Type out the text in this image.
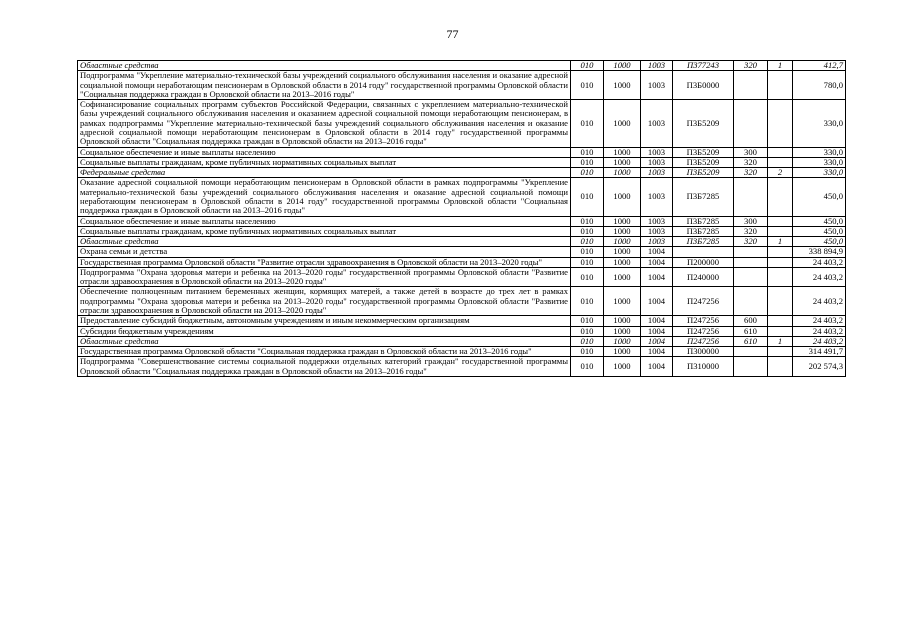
77
Областные средства	010	1000	1003	П377243	320	1	412,7
Подпрограмма "Укрепление материально-технической базы учреждений социального обслуживания населения и оказание адресной социальной помощи неработающим пенсионерам в Орловской области в 2014 году" государственной программы Орловской области "Социальная поддержка граждан в Орловской области на 2013–2016 годы"	010	1000	1003	П3Б0000			780,0
Софинансирование социальных программ субъектов Российской Федерации, связанных с укреплением материально-технической базы учреждений социального обслуживания населения и оказанием адресной социальной помощи неработающим пенсионерам, в рамках подпрограммы "Укрепление материально-технической базы учреждений социального обслуживания населения и оказание адресной социальной помощи неработающим пенсионерам в Орловской области в 2014 году" государственной программы Орловской области "Социальная поддержка граждан в Орловской области на 2013–2016 годы"	010	1000	1003	П3Б5209			330,0
Социальное обеспечение и иные выплаты населению	010	1000	1003	П3Б5209	300		330,0
Социальные выплаты гражданам, кроме публичных нормативных социальных выплат	010	1000	1003	П3Б5209	320		330,0
Федеральные средства	010	1000	1003	П3Б5209	320	2	330,0
Оказание адресной социальной помощи неработающим пенсионерам в Орловской области в рамках подпрограммы "Укрепление материально-технической базы учреждений социального обслуживания населения и оказание адресной социальной помощи неработающим пенсионерам в Орловской области в 2014 году" государственной программы Орловской области "Социальная поддержка граждан в Орловской области на 2013–2016 годы"	010	1000	1003	П3Б7285			450,0
Социальное обеспечение и иные выплаты населению	010	1000	1003	П3Б7285	300		450,0
Социальные выплаты гражданам, кроме публичных нормативных социальных выплат	010	1000	1003	П3Б7285	320		450,0
Областные средства	010	1000	1003	П3Б7285	320	1	450,0
Охрана семьи и детства	010	1000	1004				338 894,9
Государственная программа Орловской области "Развитие отрасли здравоохранения в Орловской области на 2013–2020 годы"	010	1000	1004	П200000			24 403,2
Подпрограмма "Охрана здоровья матери и ребенка на 2013–2020 годы" государственной программы Орловской области "Развитие отрасли здравоохранения в Орловской области на 2013–2020 годы"	010	1000	1004	П240000			24 403,2
Обеспечение полноценным питанием беременных женщин, кормящих матерей, а также детей в возрасте до трех лет в рамках подпрограммы "Охрана здоровья матери и ребенка на 2013–2020 годы" государственной программы Орловской области "Развитие отрасли здравоохранения в Орловской области на 2013–2020 годы"	010	1000	1004	П247256			24 403,2
Предоставление субсидий бюджетным, автономным учреждениям и иным некоммерческим организациям	010	1000	1004	П247256	600		24 403,2
Субсидии бюджетным учреждениям	010	1000	1004	П247256	610		24 403,2
Областные средства	010	1000	1004	П247256	610	1	24 403,2
Государственная программа Орловской области "Социальная поддержка граждан в Орловской области на 2013–2016 годы"	010	1000	1004	П300000			314 491,7
Подпрограмма "Совершенствование системы социальной поддержки отдельных категорий граждан" государственной программы Орловской области "Социальная поддержка граждан в Орловской области на 2013–2016 годы"	010	1000	1004	П310000			202 574,3
